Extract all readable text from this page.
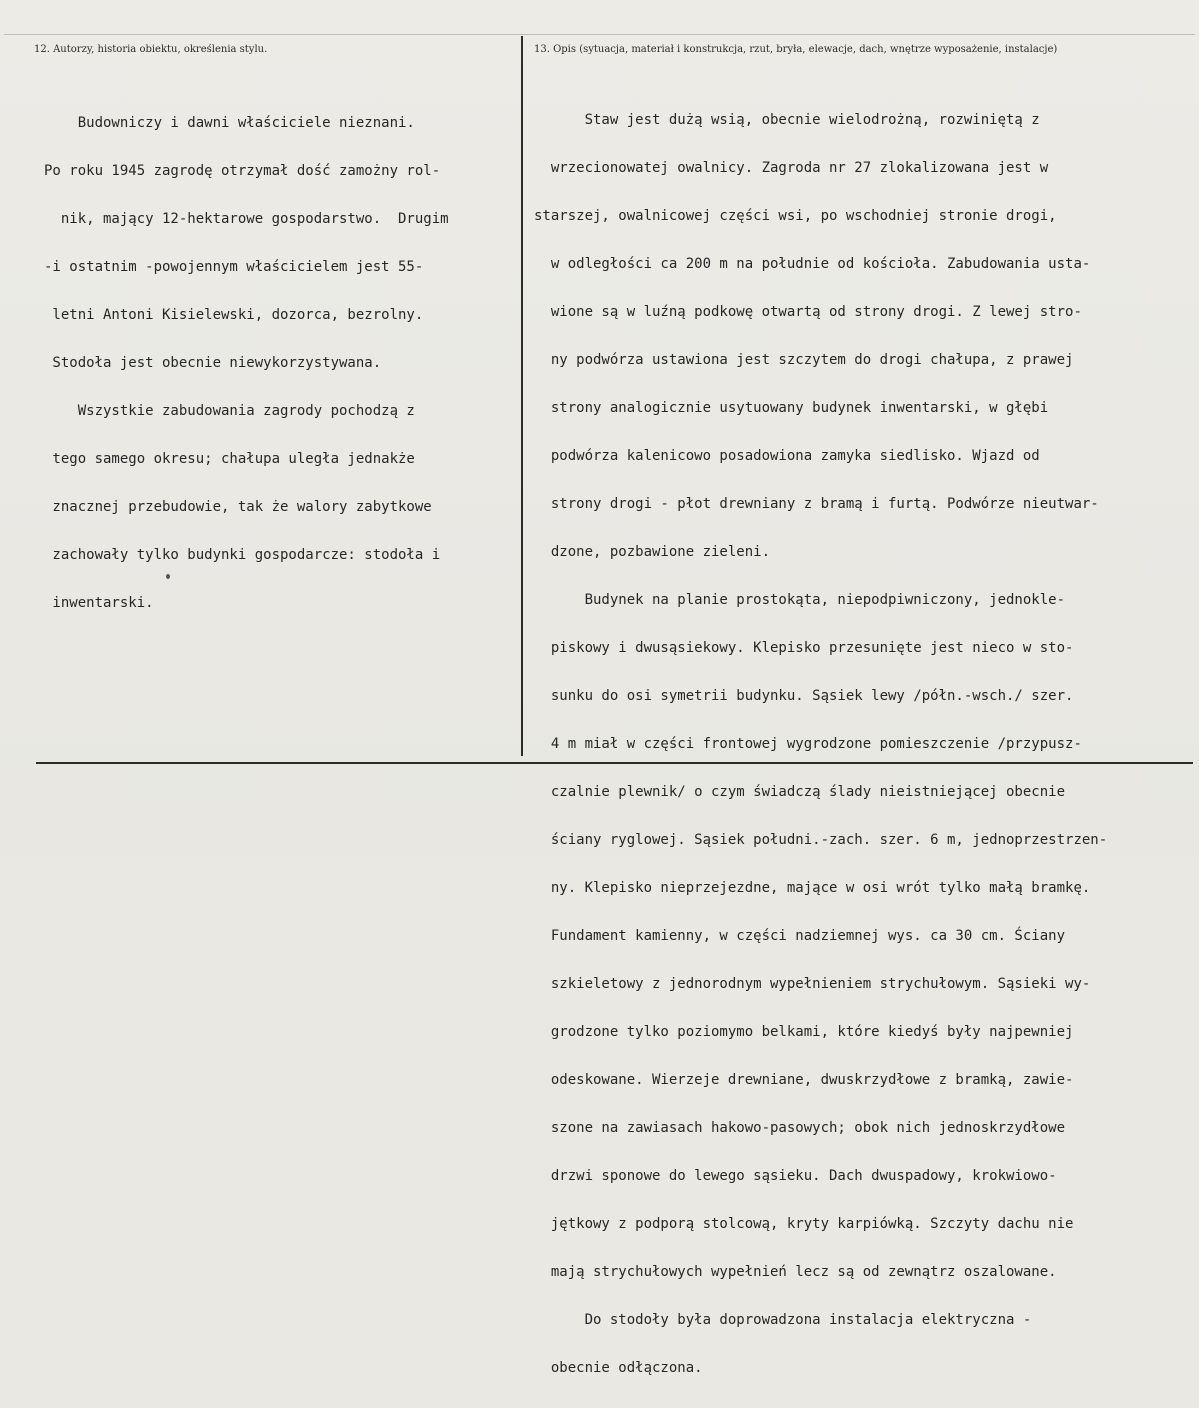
12. Autorzy, historia obiektu, określenia stylu.	13. Opis (sytuacja, materiał i konstrukcja, rzut, bryła, elewacje, dach, wnętrze wyposażenie, instalacje)

Budowniczy i dawni właściciele nieznani.

Po roku 1945 zagrodę otrzymał dość zamożny rol-

nik, mający 12-hektarowe gospodarstwo.  Drugim

-i ostatnim -powojennym właścicielem jest 55-

letni Antoni Kisielewski, dozorca, bezrolny.

Stodoła jest obecnie niewykorzystywana.

Wszystkie zabudowania zagrody pochodzą z

tego samego okresu; chałupa uległa jednakże

znacznej przebudowie, tak że walory zabytkowe

zachowały tylko budynki gospodarcze: stodoła i

inwentarski.

Staw jest dużą wsią, obecnie wielodrożną, rozwiniętą z

wrzecionowatej owalnicy. Zagroda nr 27 zlokalizowana jest w

starszej, owalnicowej części wsi, po wschodniej stronie drogi,

w odległości ca 200 m na południe od kościoła. Zabudowania usta-

wione są w luźną podkowę otwartą od strony drogi. Z lewej stro-

ny podwórza ustawiona jest szczytem do drogi chałupa, z prawej

strony analogicznie usytuowany budynek inwentarski, w głębi

podwórza kalenicowo posadowiona zamyka siedlisko. Wjazd od

strony drogi - płot drewniany z bramą i furtą. Podwórze nieutwar-

dzone, pozbawione zieleni.

Budynek na planie prostokąta, niepodpiwniczony, jednokle-

piskowy i dwusąsiekowy. Klepisko przesunięte jest nieco w sto-

sunku do osi symetrii budynku. Sąsiek lewy /półn.-wsch./ szer.

4 m miał w części frontowej wygrodzone pomieszczenie /przypusz-

czalnie plewnik/ o czym świadczą ślady nieistniejącej obecnie

ściany ryglowej. Sąsiek południ.-zach. szer. 6 m, jednoprzestrzen-

ny. Klepisko nieprzejezdne, mające w osi wrót tylko małą bramkę.

Fundament kamienny, w części nadziemnej wys. ca 30 cm. Ściany

szkieletowy z jednorodnym wypełnieniem strychułowym. Sąsieki wy-

grodzone tylko poziomymo belkami, które kiedyś były najpewniej

odeskowane. Wierzeje drewniane, dwuskrzydłowe z bramką, zawie-

szone na zawiasach hakowo-pasowych; obok nich jednoskrzydłowe

drzwi sponowe do lewego sąsieku. Dach dwuspadowy, krokwiowo-

jętkowy z podporą stolcową, kryty karpiówką. Szczyty dachu nie

mają strychułowych wypełnień lecz są od zewnątrz oszalowane.

Do stodoły była doprowadzona instalacja elektryczna -

obecnie odłączona.
